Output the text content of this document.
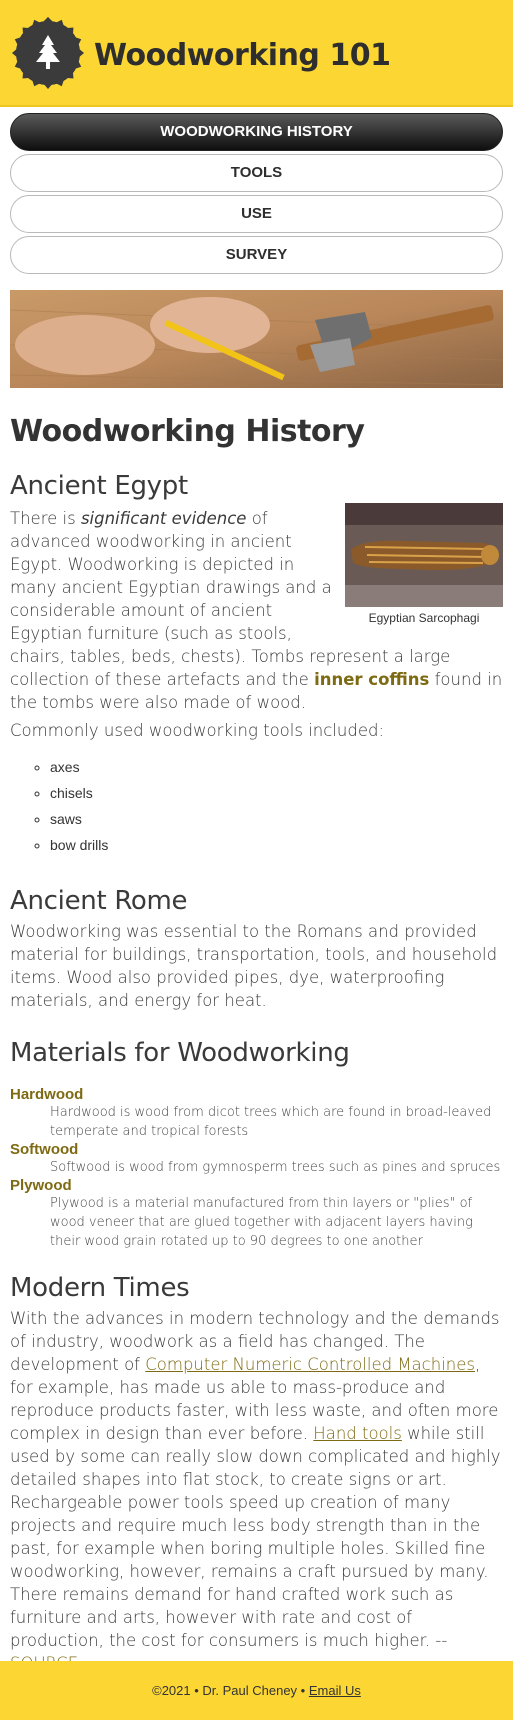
Woodworking 101
WOODWORKING HISTORY
TOOLS
USE
SURVEY
Woodworking History
Ancient Egypt
Egyptian Sarcophagi

There is significant evidence of advanced woodworking in ancient Egypt. Woodworking is depicted in many ancient Egyptian drawings and a considerable amount of ancient Egyptian furniture (such as stools, chairs, tables, beds, chests). Tombs represent a large collection of these artefacts and the inner coffins found in the tombs were also made of wood.

Commonly used woodworking tools included:

◦ axes
◦ chisels
◦ saws
◦ bow drills
Ancient Rome

Woodworking was essential to the Romans and provided material for buildings, transportation, tools, and household items. Wood also provided pipes, dye, waterproofing materials, and energy for heat.

Materials for Woodworking
Hardwood
Hardwood is wood from dicot trees which are found in broad-leaved temperate and tropical forests
Softwood
Softwood is wood from gymnosperm trees such as pines and spruces
Plywood
Plywood is a material manufactured from thin layers or "plies" of wood veneer that are glued together with adjacent layers having their wood grain rotated up to 90 degrees to one another
Modern Times

With the advances in modern technology and the demands of industry, woodwork as a field has changed. The development of Computer Numeric Controlled Machines, for example, has made us able to mass-produce and reproduce products faster, with less waste, and often more complex in design than ever before. Hand tools while still used by some can really slow down complicated and highly detailed shapes into flat stock, to create signs or art. Rechargeable power tools speed up creation of many projects and require much less body strength than in the past, for example when boring multiple holes. Skilled fine woodworking, however, remains a craft pursued by many. There remains demand for hand crafted work such as furniture and arts, however with rate and cost of production, the cost for consumers is much higher. --

©2021 • Dr. Paul Cheney • Email Us
